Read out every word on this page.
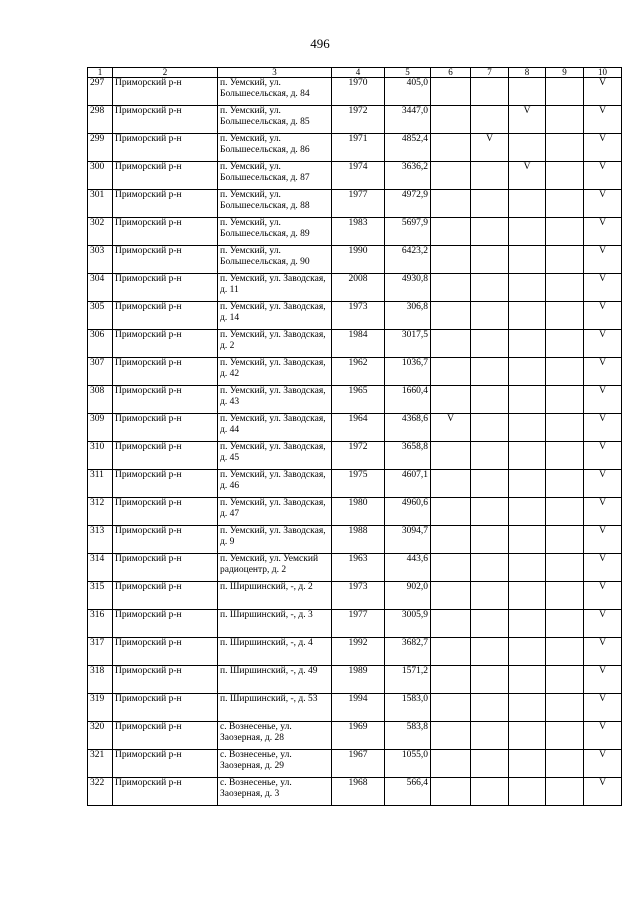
496
1	2	3	4	5	6	7	8	9	10
297	Приморский р-н	п. Уемский, ул. Большесельская, д. 84	1970	405,0					V
298	Приморский р-н	п. Уемский, ул. Большесельская, д. 85	1972	3447,0			V		V
299	Приморский р-н	п. Уемский, ул. Большесельская, д. 86	1971	4852,4		V			V
300	Приморский р-н	п. Уемский, ул. Большесельская, д. 87	1974	3636,2			V		V
301	Приморский р-н	п. Уемский, ул. Большесельская, д. 88	1977	4972,9					V
302	Приморский р-н	п. Уемский, ул. Большесельская, д. 89	1983	5697,9					V
303	Приморский р-н	п. Уемский, ул. Большесельская, д. 90	1990	6423,2					V
304	Приморский р-н	п. Уемский, ул. Заводская, д. 11	2008	4930,8					V
305	Приморский р-н	п. Уемский, ул. Заводская, д. 14	1973	306,8					V
306	Приморский р-н	п. Уемский, ул. Заводская, д. 2	1984	3017,5					V
307	Приморский р-н	п. Уемский, ул. Заводская, д. 42	1962	1036,7					V
308	Приморский р-н	п. Уемский, ул. Заводская, д. 43	1965	1660,4					V
309	Приморский р-н	п. Уемский, ул. Заводская, д. 44	1964	4368,6	V				V
310	Приморский р-н	п. Уемский, ул. Заводская, д. 45	1972	3658,8					V
311	Приморский р-н	п. Уемский, ул. Заводская, д. 46	1975	4607,1					V
312	Приморский р-н	п. Уемский, ул. Заводская, д. 47	1980	4960,6					V
313	Приморский р-н	п. Уемский, ул. Заводская, д. 9	1988	3094,7					V
314	Приморский р-н	п. Уемский, ул. Уемский радиоцентр, д. 2	1963	443,6					V
315	Приморский р-н	п. Ширшинский, -, д. 2	1973	902,0					V
316	Приморский р-н	п. Ширшинский, -, д. 3	1977	3005,9					V
317	Приморский р-н	п. Ширшинский, -, д. 4	1992	3682,7					V
318	Приморский р-н	п. Ширшинский, -, д. 49	1989	1571,2					V
319	Приморский р-н	п. Ширшинский, -, д. 53	1994	1583,0					V
320	Приморский р-н	с. Вознесенье, ул. Заозерная, д. 28	1969	583,8					V
321	Приморский р-н	с. Вознесенье, ул. Заозерная, д. 29	1967	1055,0					V
322	Приморский р-н	с. Вознесенье, ул. Заозерная, д. 3	1968	566,4					V
